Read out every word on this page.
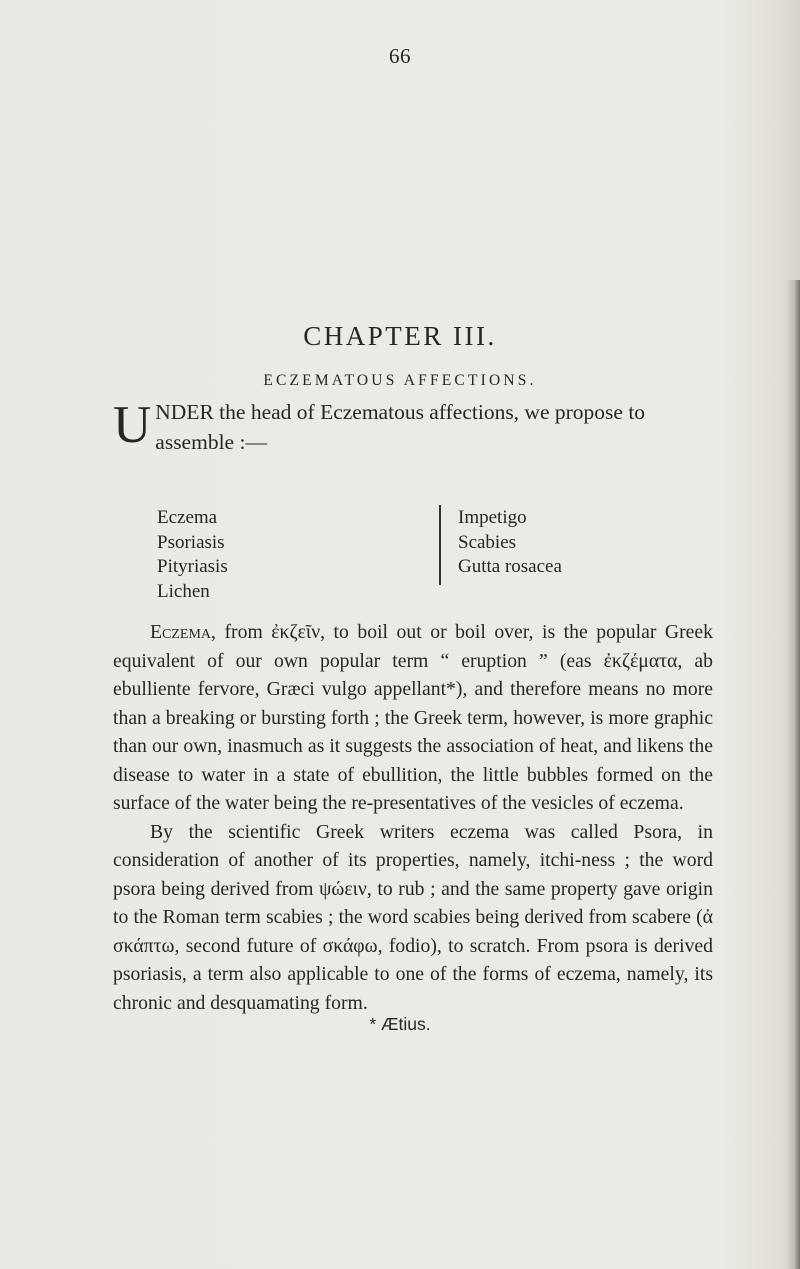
66
CHAPTER III.
ECZEMATOUS AFFECTIONS.
U NDER the head of Eczematous affections, we propose to assemble :—
Eczema
Psoriasis
Pityriasis
Lichen
Impetigo
Scabies
Gutta rosacea

Eczema, from ἐκζεῖν, to boil out or boil over, is the popular Greek equivalent of our own popular term “ eruption ” (eas ἐκζέματα, ab ebulliente fervore, Græci vulgo appellant*), and therefore means no more than a breaking or bursting forth ; the Greek term, however, is more graphic than our own, inasmuch as it suggests the association of heat, and likens the disease to water in a state of ebullition, the little bubbles formed on the surface of the water being the re-presentatives of the vesicles of eczema.

By the scientific Greek writers eczema was called Psora, in consideration of another of its properties, namely, itchi-ness ; the word psora being derived from ψώειν, to rub ; and the same property gave origin to the Roman term scabies ; the word scabies being derived from scabere (ἀ σκάπτω, second future of σκάφω, fodio), to scratch. From psora is derived psoriasis, a term also applicable to one of the forms of eczema, namely, its chronic and desquamating form.

* Ætius.
